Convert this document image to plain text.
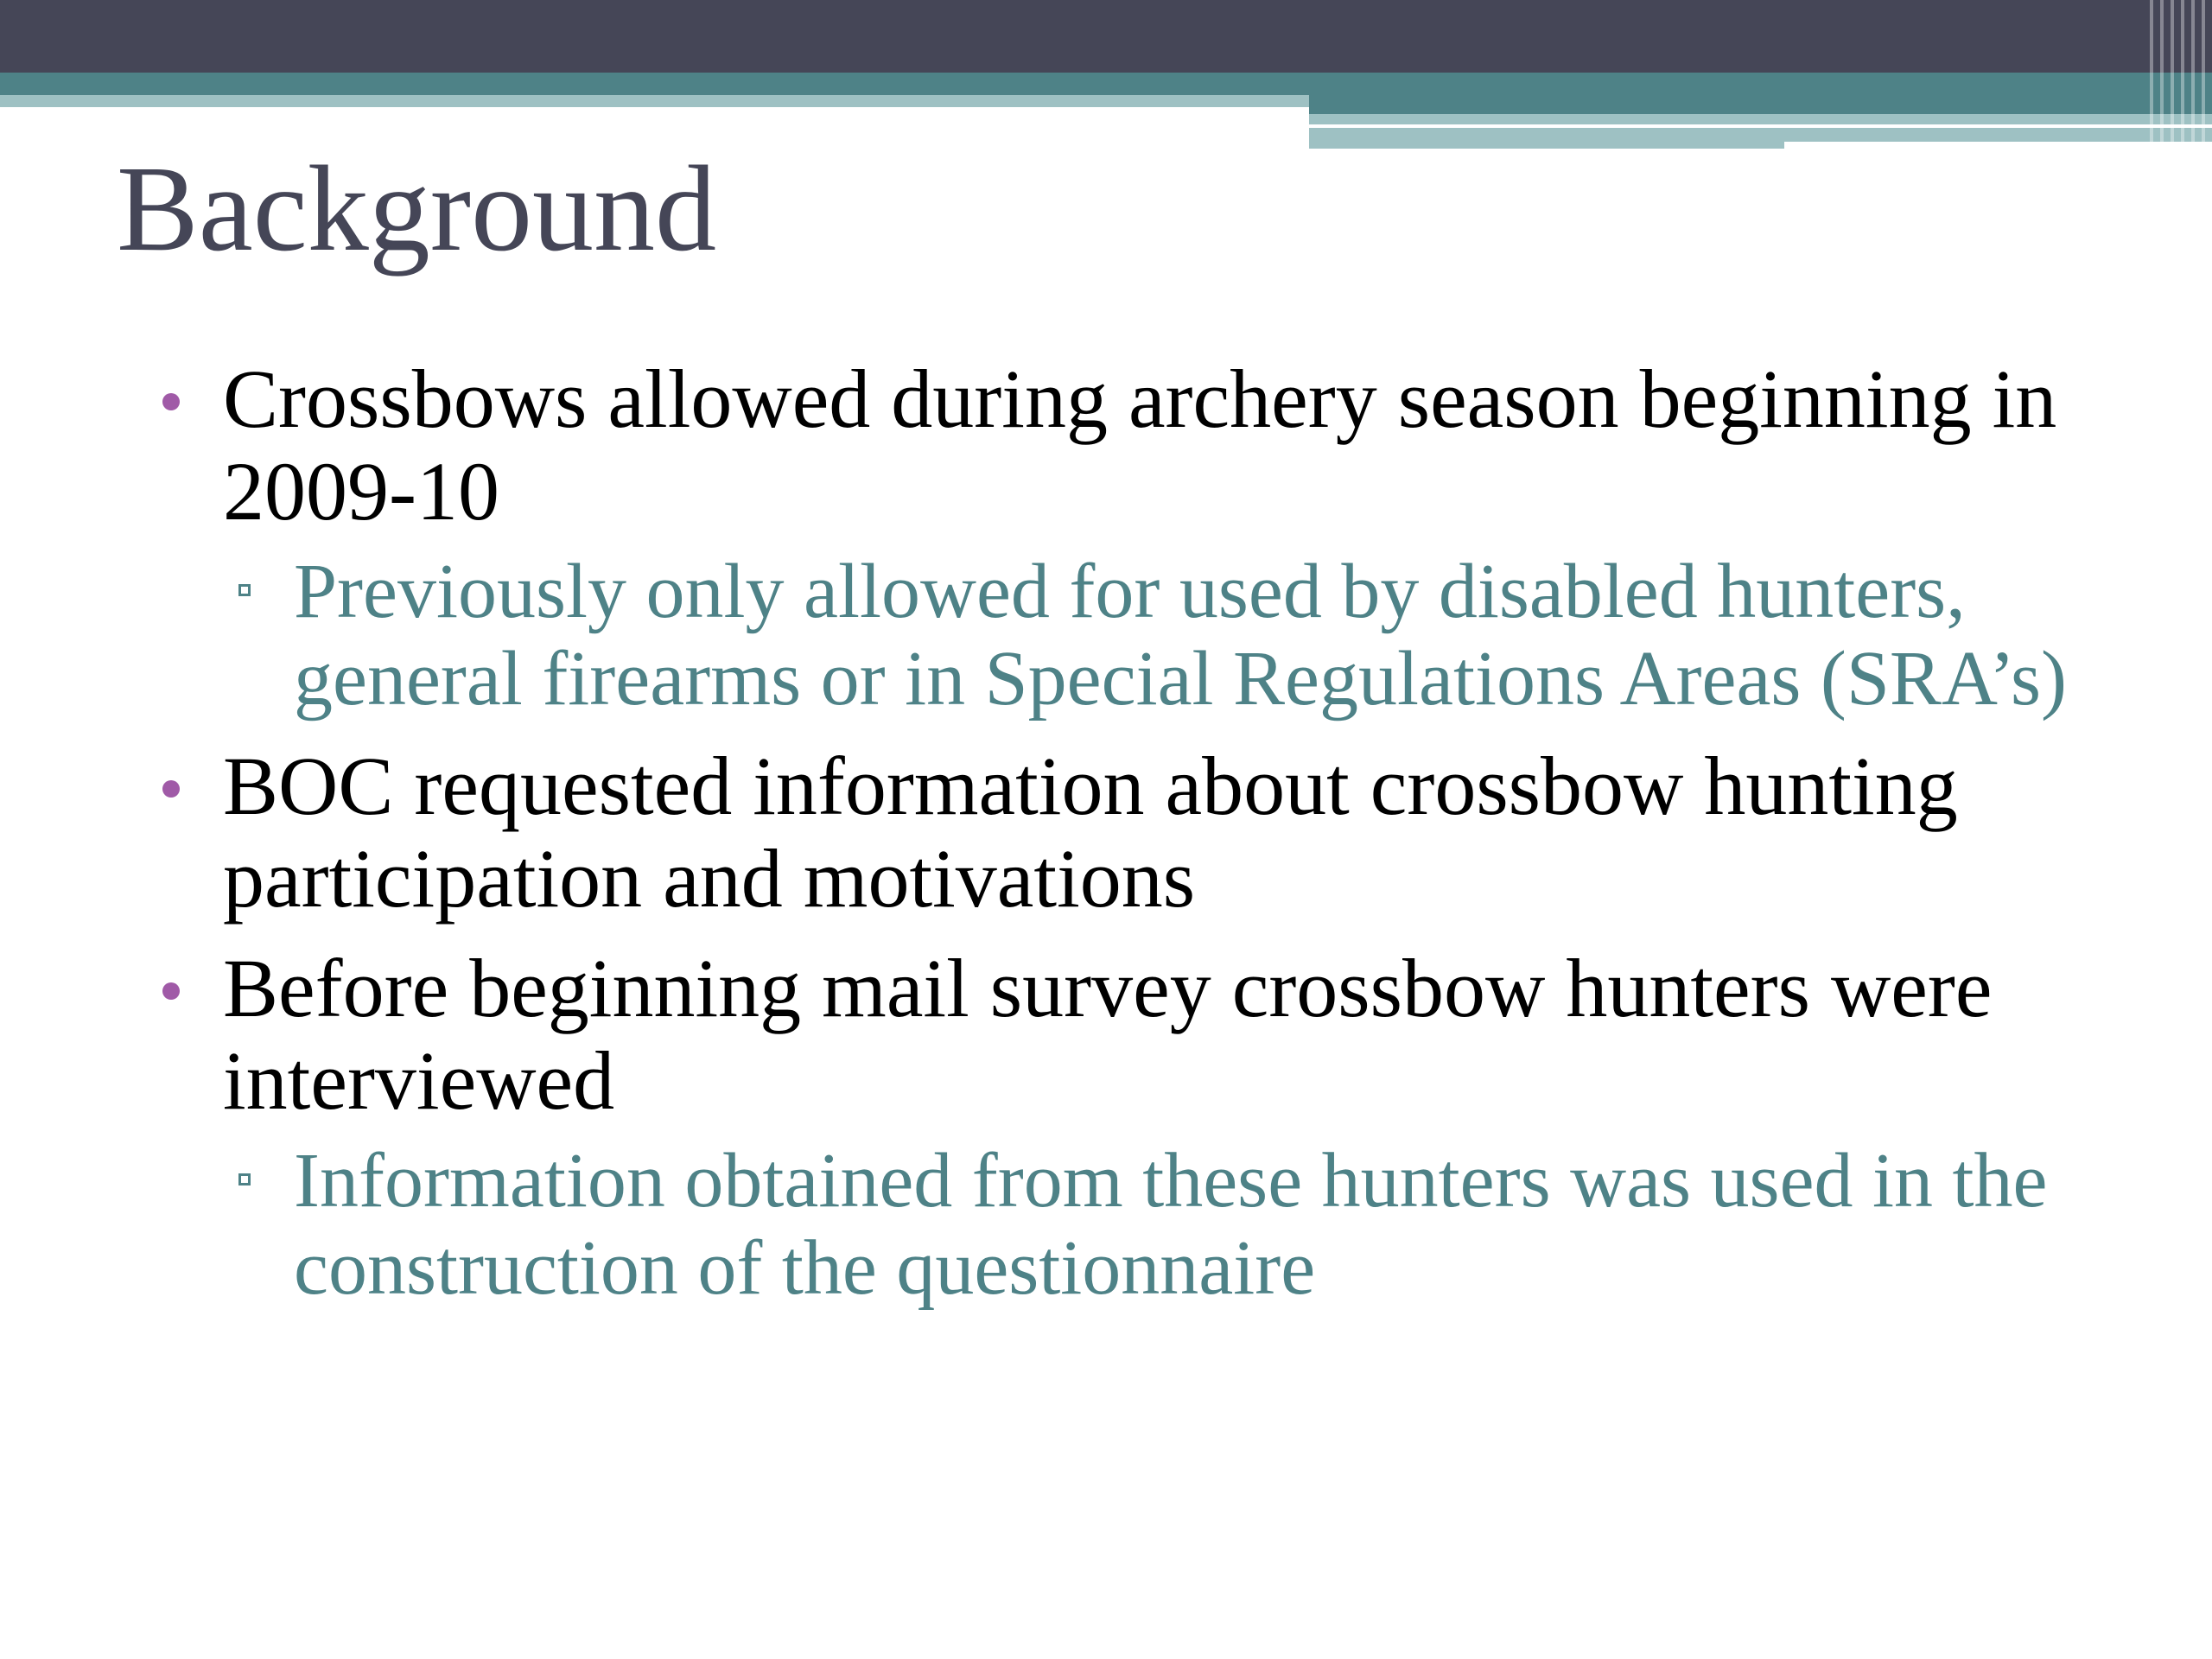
Background
Crossbows allowed during archery season beginning in 2009-10
Previously only allowed for used by disabled hunters, general firearms or in Special Regulations Areas (SRA’s)
BOC requested information about crossbow hunting participation and motivations
Before beginning mail survey crossbow hunters were interviewed
Information obtained from these hunters was used in the construction of the questionnaire
